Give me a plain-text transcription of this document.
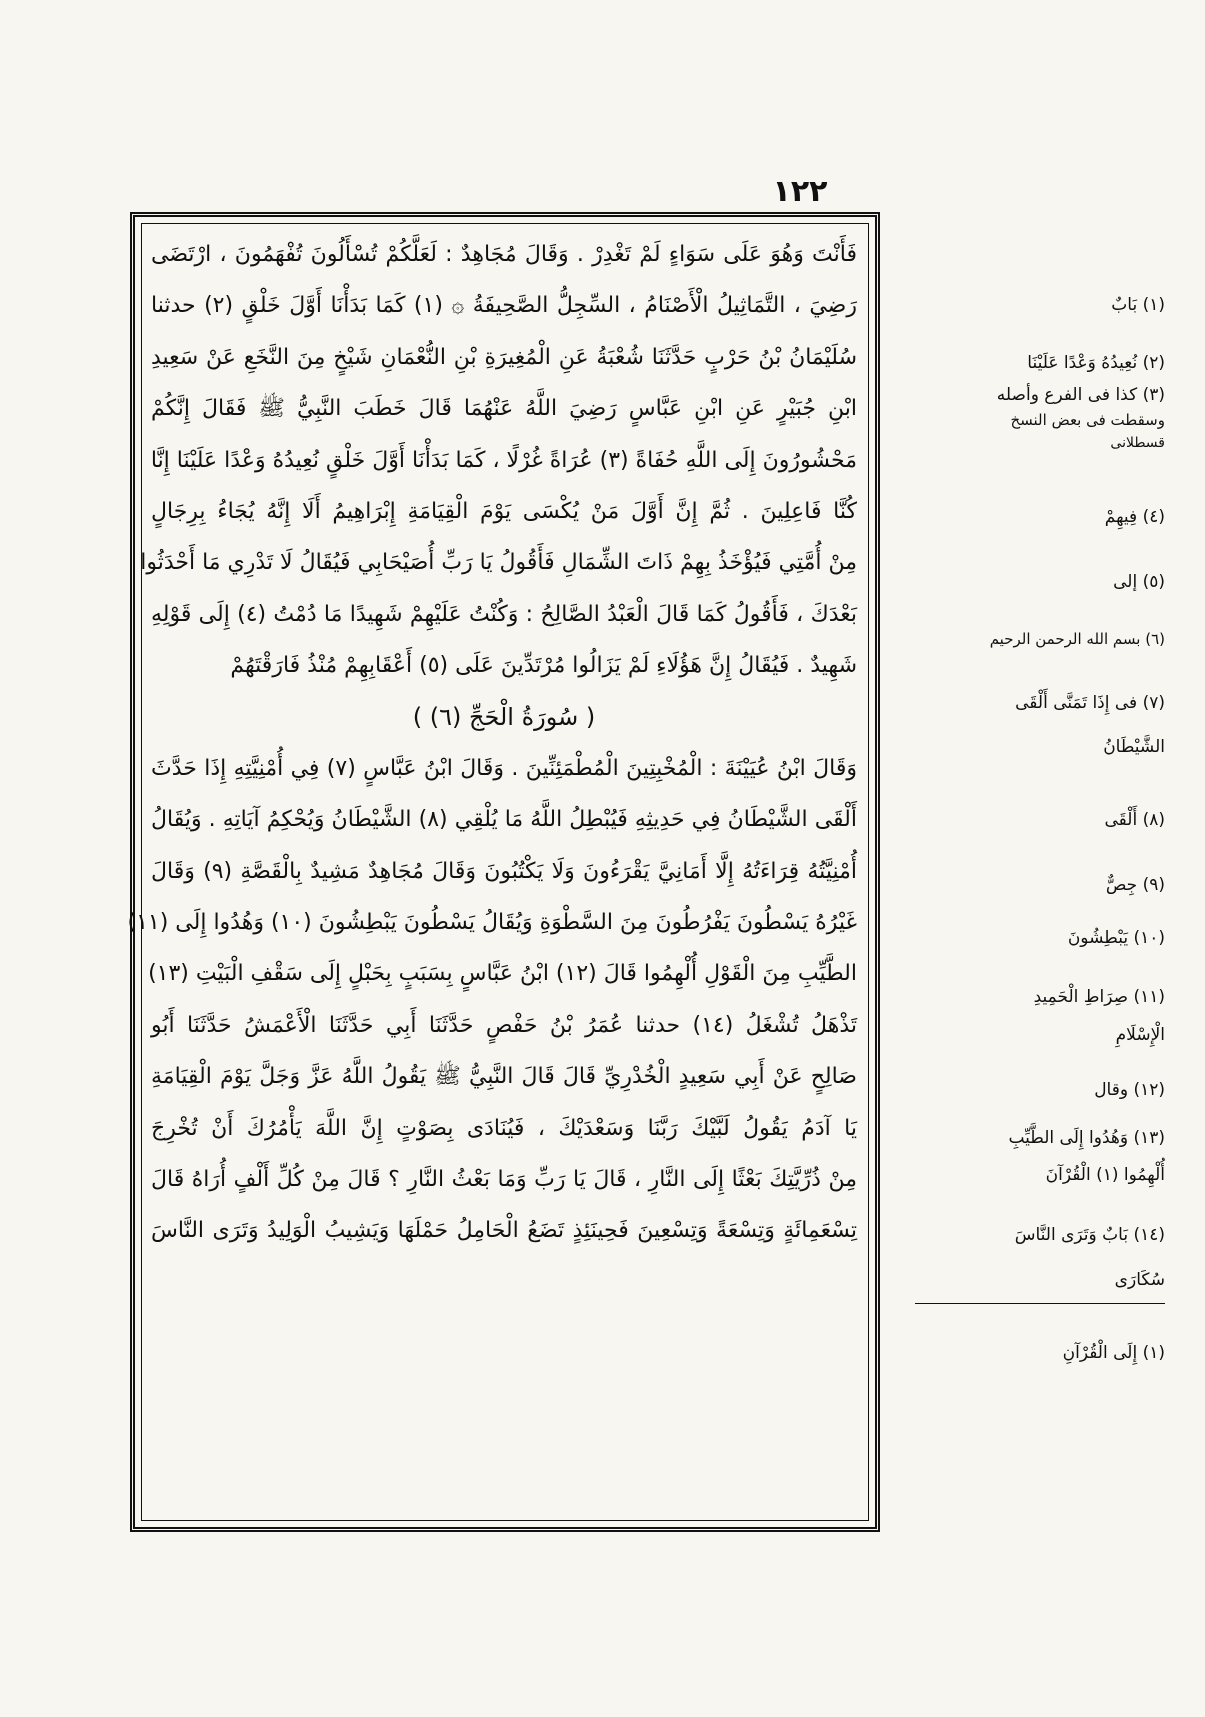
١٢٢
فَأَنْتَ وَهُوَ عَلَى سَوَاءٍ لَمْ تَغْدِرْ . وَقَالَ مُجَاهِدٌ : لَعَلَّكُمْ تُسْأَلُونَ تُفْهَمُونَ ، ارْتَضَى
رَضِيَ ، التَّمَاثِيلُ الْأَصْنَامُ ، السِّجِلُّ الصَّحِيفَةُ ۞ (١) كَمَا بَدَأْنَا أَوَّلَ خَلْقٍ (٢) حدثنا
سُلَيْمَانُ بْنُ حَرْبٍ حَدَّثَنَا شُعْبَةُ عَنِ الْمُغِيرَةِ بْنِ النُّعْمَانِ شَيْخٍ مِنَ النَّخَعِ عَنْ سَعِيدِ
ابْنِ جُبَيْرٍ عَنِ ابْنِ عَبَّاسٍ رَضِيَ اللَّهُ عَنْهُمَا قَالَ خَطَبَ النَّبِيُّ ﷺ فَقَالَ إِنَّكُمْ
مَحْشُورُونَ إِلَى اللَّهِ حُفَاةً (٣) عُرَاةً غُرْلًا ، كَمَا بَدَأْنَا أَوَّلَ خَلْقٍ نُعِيدُهُ وَعْدًا عَلَيْنَا إِنَّا
كُنَّا فَاعِلِينَ . ثُمَّ إِنَّ أَوَّلَ مَنْ يُكْسَى يَوْمَ الْقِيَامَةِ إِبْرَاهِيمُ أَلَا إِنَّهُ يُجَاءُ بِرِجَالٍ
مِنْ أُمَّتِي فَيُؤْخَذُ بِهِمْ ذَاتَ الشِّمَالِ فَأَقُولُ يَا رَبِّ أُصَيْحَابِي فَيُقَالُ لَا تَدْرِي مَا أَحْدَثُوا
بَعْدَكَ ، فَأَقُولُ كَمَا قَالَ الْعَبْدُ الصَّالِحُ : وَكُنْتُ عَلَيْهِمْ شَهِيدًا مَا دُمْتُ (٤) إِلَى قَوْلِهِ
شَهِيدٌ . فَيُقَالُ إِنَّ هَؤُلَاءِ لَمْ يَزَالُوا مُرْتَدِّينَ عَلَى (٥) أَعْقَابِهِمْ مُنْذُ فَارَقْتَهُمْ
( سُورَةُ الْحَجِّ (٦) )
وَقَالَ ابْنُ عُيَيْنَةَ : الْمُخْبِتِينَ الْمُطْمَئِنِّينَ . وَقَالَ ابْنُ عَبَّاسٍ (٧) فِي أُمْنِيَّتِهِ إِذَا حَدَّثَ
أَلْقَى الشَّيْطَانُ فِي حَدِيثِهِ فَيُبْطِلُ اللَّهُ مَا يُلْقِي (٨) الشَّيْطَانُ وَيُحْكِمُ آيَاتِهِ . وَيُقَالُ
أُمْنِيَّتُهُ قِرَاءَتُهُ إِلَّا أَمَانِيَّ يَقْرَءُونَ وَلَا يَكْتُبُونَ وَقَالَ مُجَاهِدٌ مَشِيدٌ بِالْقَصَّةِ (٩) وَقَالَ
غَيْرُهُ يَسْطُونَ يَفْرُطُونَ مِنَ السَّطْوَةِ وَيُقَالُ يَسْطُونَ يَبْطِشُونَ (١٠) وَهُدُوا إِلَى (١١)
الطَّيِّبِ مِنَ الْقَوْلِ أُلْهِمُوا قَالَ (١٢) ابْنُ عَبَّاسٍ بِسَبَبٍ بِحَبْلٍ إِلَى سَقْفِ الْبَيْتِ (١٣)
تَذْهَلُ تُشْغَلُ (١٤) حدثنا عُمَرُ بْنُ حَفْصٍ حَدَّثَنَا أَبِي حَدَّثَنَا الْأَعْمَشُ حَدَّثَنَا أَبُو
صَالِحٍ عَنْ أَبِي سَعِيدٍ الْخُدْرِيِّ قَالَ قَالَ النَّبِيُّ ﷺ يَقُولُ اللَّهُ عَزَّ وَجَلَّ يَوْمَ الْقِيَامَةِ
يَا آدَمُ يَقُولُ لَبَّيْكَ رَبَّنَا وَسَعْدَيْكَ ، فَيُنَادَى بِصَوْتٍ إِنَّ اللَّهَ يَأْمُرُكَ أَنْ تُخْرِجَ
مِنْ ذُرِّيَّتِكَ بَعْثًا إِلَى النَّارِ ، قَالَ يَا رَبِّ وَمَا بَعْثُ النَّارِ ؟ قَالَ مِنْ كُلِّ أَلْفٍ أُرَاهُ قَالَ
تِسْعَمِائَةٍ وَتِسْعَةً وَتِسْعِينَ فَحِينَئِذٍ تَضَعُ الْحَامِلُ حَمْلَهَا وَيَشِيبُ الْوَلِيدُ وَتَرَى النَّاسَ
(١) بَابٌ
(٢) نُعِيدُهُ وَعْدًا عَلَيْنَا
(٣) كذا فى الفرع وأصله
وسقطت فى بعض النسخ
قسطلانى
(٤) فِيهِمْ
(٥) إلى
(٦) بسم الله الرحمن الرحيم
(٧) فى إِذَا تَمَنَّى أَلْقَى
الشَّيْطَانُ
(٨) أَلْقَى
(٩) جِصٌّ
(١٠) يَبْطِشُونَ
(١١) صِرَاطِ الْحَمِيدِ
الْإِسْلَامِ
(١٢) وقال
(١٣) وَهُدُوا إِلَى الطَّيِّبِ
أُلْهِمُوا (١) الْقُرْآنَ
(١٤) بَابٌ وَتَرَى النَّاسَ
سُكَارَى
(١) إِلَى الْقُرْآنِ
